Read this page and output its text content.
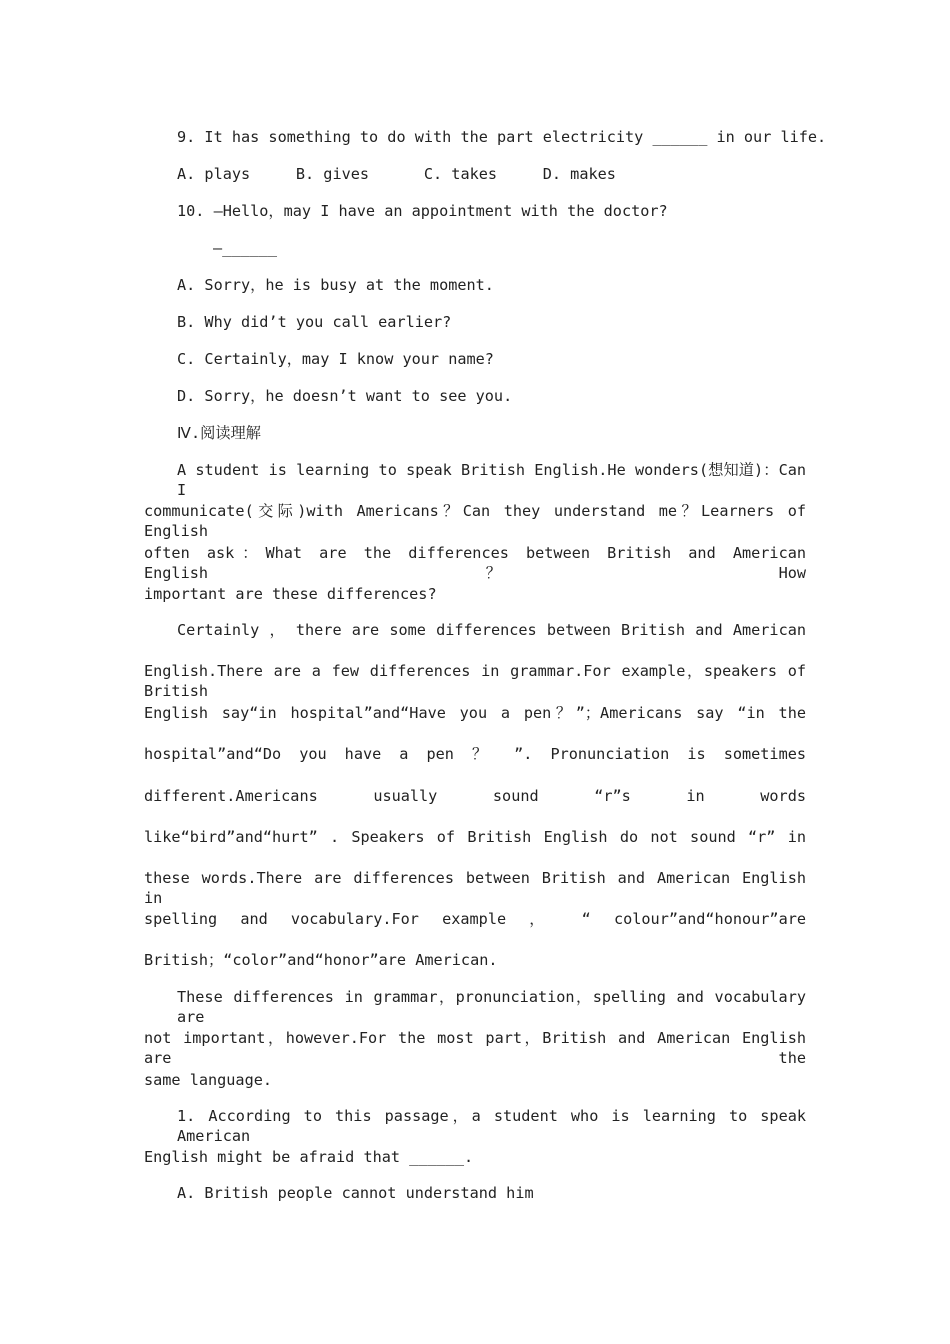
9. It has something to do with the part electricity ______ in our life.
A. plays     B. gives      C. takes     D. makes
10. —Hello，may I have an appointment with the doctor?
—______
A. Sorry，he is busy at the moment.
B. Why did’t you call earlier?
C. Certainly，may I know your name?
D. Sorry，he doesn’t want to see you.
Ⅳ.阅读理解
A student is learning to speak British English.He wonders(想知道)：Can I
communicate(交际)with Americans？Can they understand me？Learners of English
often ask：What are the differences between British and American English？How
important are these differences?
Certainly ， there are some differences between British and American
English.There are a few differences in grammar.For example，speakers of British
English say“in hospital”and“Have you a pen？”；Americans say “in the
hospital”and“Do you have a pen ？ ”. Pronunciation is sometimes
different.Americans usually sound “r”s in words
like“bird”and“hurt” . Speakers of British English do not sound “r” in
these words.There are differences between British and American English in
spelling and vocabulary.For example ， “ colour”and“honour”are
British；“color”and“honor”are American.
These differences in grammar，pronunciation，spelling and vocabulary are
not important，however.For the most part，British and American English are the
same language.
1. According to this passage，a student who is learning to speak American
English might be afraid that ______.
A. British people cannot understand him
